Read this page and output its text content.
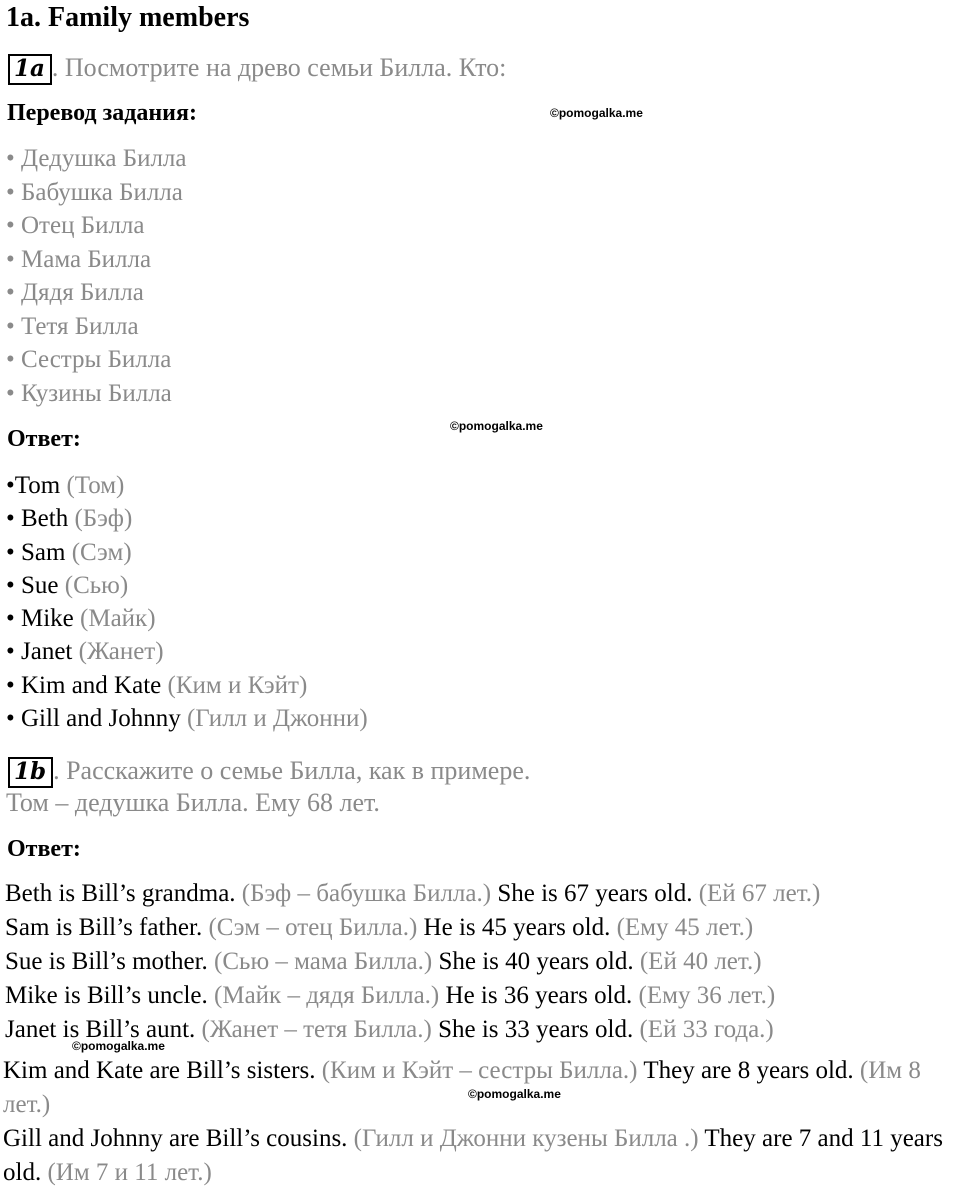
1a. Family members
1a . Посмотрите на древо семьи Билла. Кто:
Перевод задания:	©pomogalka.me
• Дедушка Билла
• Бабушка Билла
• Отец Билла
• Мама Билла
• Дядя Билла
• Тетя Билла
• Сестры Билла
• Кузины Билла
Ответ:	©pomogalka.me
•Tom (Том)
• Beth (Бэф)
• Sam (Сэм)
• Sue (Сью)
• Mike (Майк)
• Janet (Жанет)
• Kim and Kate (Ким и Кэйт)
• Gill and Johnny (Гилл и Джонни)
1b . Расскажите о семье Билла, как в примере.
Том – дедушка Билла. Ему 68 лет.
Ответ:
Beth is Bill’s grandma. (Бэф – бабушка Билла.) She is 67 years old. (Ей 67 лет.)
Sam is Bill’s father. (Сэм – отец Билла.) He is 45 years old. (Ему 45 лет.)
Sue is Bill’s mother. (Сью – мама Билла.) She is 40 years old. (Ей 40 лет.)
Mike is Bill’s uncle. (Майк – дядя Билла.) He is 36 years old. (Ему 36 лет.)
Janet is Bill’s aunt. (Жанет – тетя Билла.) She is 33 years old. (Ей 33 года.)
©pomogalka.me
Kim and Kate are Bill’s sisters. (Ким и Кэйт – сестры Билла.) They are 8 years old. (Им 8 лет.)	©pomogalka.me
Gill and Johnny are Bill’s cousins. (Гилл и Джонни кузены Билла .) They are 7 and 11 years old. (Им 7 и 11 лет.)
